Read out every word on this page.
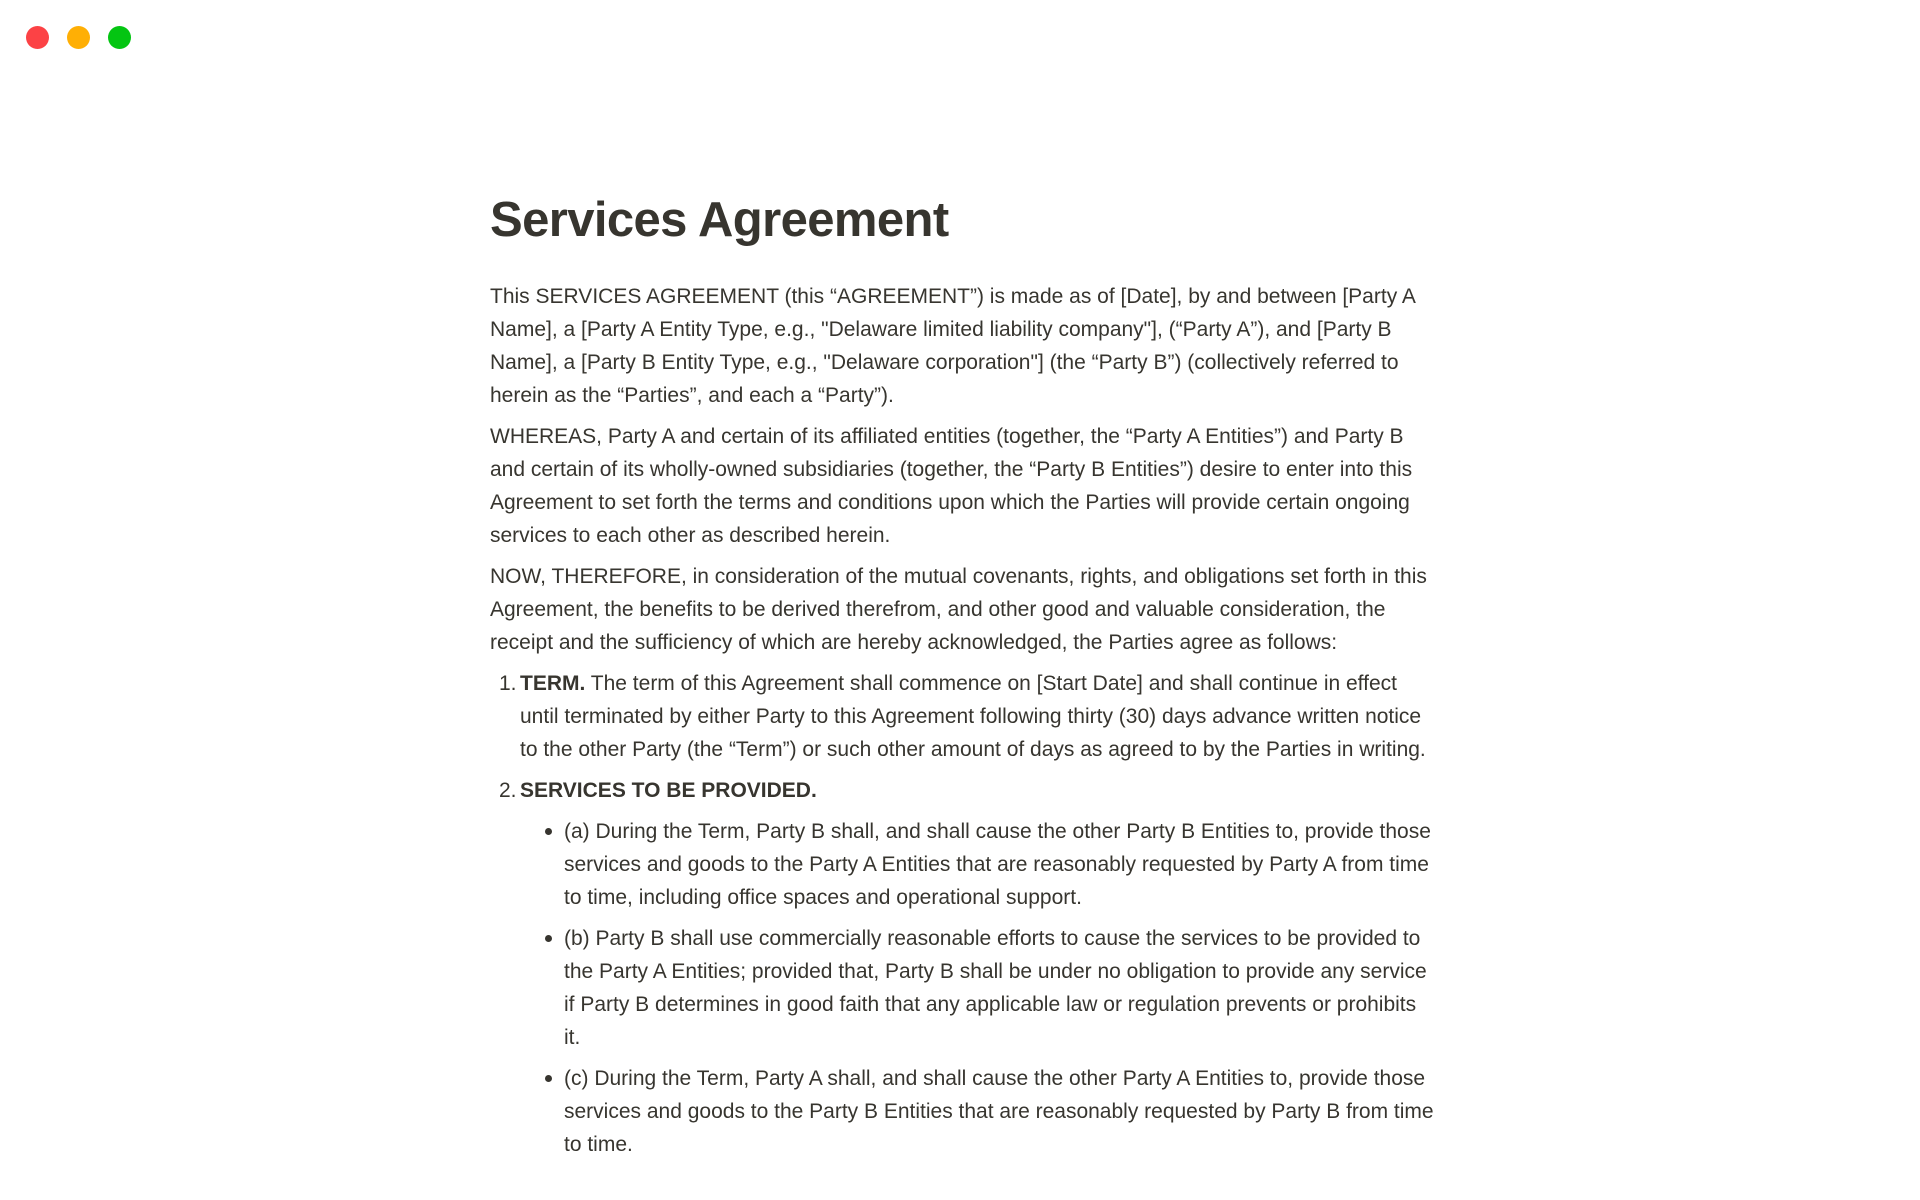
Services Agreement

This SERVICES AGREEMENT (this “AGREEMENT”) is made as of [Date], by and between [Party A Name], a [Party A Entity Type, e.g., "Delaware limited liability company"], (“Party A”), and [Party B Name], a [Party B Entity Type, e.g., "Delaware corporation"] (the “Party B”) (collectively referred to herein as the “Parties”, and each a “Party”).

WHEREAS, Party A and certain of its affiliated entities (together, the “Party A Entities”) and Party B and certain of its wholly-owned subsidiaries (together, the “Party B Entities”) desire to enter into this Agreement to set forth the terms and conditions upon which the Parties will provide certain ongoing services to each other as described herein.

NOW, THEREFORE, in consideration of the mutual covenants, rights, and obligations set forth in this Agreement, the benefits to be derived therefrom, and other good and valuable consideration, the receipt and the sufficiency of which are hereby acknowledged, the Parties agree as follows:

1. TERM. The term of this Agreement shall commence on [Start Date] and shall continue in effect until terminated by either Party to this Agreement following thirty (30) days advance written notice to the other Party (the “Term”) or such other amount of days as agreed to by the Parties in writing.
2. SERVICES TO BE PROVIDED.
(a) During the Term, Party B shall, and shall cause the other Party B Entities to, provide those services and goods to the Party A Entities that are reasonably requested by Party A from time to time, including office spaces and operational support.
(b) Party B shall use commercially reasonable efforts to cause the services to be provided to the Party A Entities; provided that, Party B shall be under no obligation to provide any service if Party B determines in good faith that any applicable law or regulation prevents or prohibits it.
(c) During the Term, Party A shall, and shall cause the other Party A Entities to, provide those services and goods to the Party B Entities that are reasonably requested by Party B from time to time.
